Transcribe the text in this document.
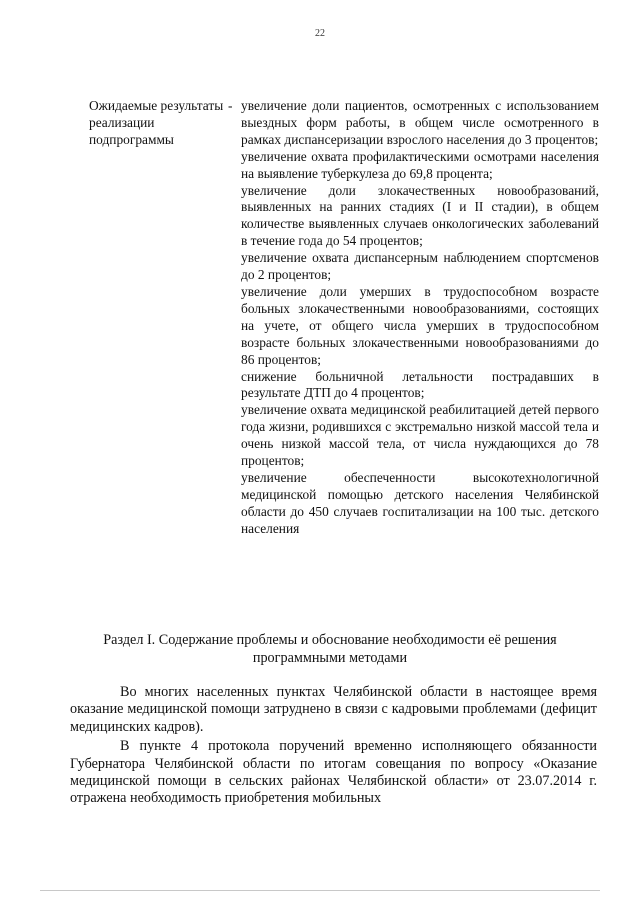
22
Ожидаемые результаты реализации подпрограммы
- увеличение доли пациентов, осмотренных с использованием выездных форм работы, в общем числе осмотренного в рамках диспансеризации взрослого населения до 3 процентов;

увеличение охвата профилактическими осмотрами населения на выявление туберкулеза до 69,8 процента;

увеличение доли злокачественных новообразований, выявленных на ранних стадиях (I и II стадии), в общем количестве выявленных случаев онкологических заболеваний в течение года до 54 процентов;

увеличение охвата диспансерным наблюдением спортсменов до 2 процентов;

увеличение доли умерших в трудоспособном возрасте больных злокачественными новообразованиями, состоящих на учете, от общего числа умерших в трудоспособном возрасте больных злокачественными новообразованиями до 86 процентов;

снижение больничной летальности пострадавших в результате ДТП до 4 процентов;

увеличение охвата медицинской реабилитацией детей первого года жизни, родившихся с экстремально низкой массой тела и очень низкой массой тела, от числа нуждающихся до 78 процентов;

увеличение обеспеченности высокотехнологичной медицинской помощью детского населения Челябинской области до 450 случаев госпитализации на 100 тыс. детского населения

Раздел I. Содержание проблемы и обоснование необходимости её решения программными методами

Во многих населенных пунктах Челябинской области в настоящее время оказание медицинской помощи затруднено в связи с кадровыми проблемами (дефицит медицинских кадров).

В пункте 4 протокола поручений временно исполняющего обязанности Губернатора Челябинской области по итогам совещания по вопросу «Оказание медицинской помощи в сельских районах Челябинской области» от 23.07.2014 г. отражена необходимость приобретения мобильных
